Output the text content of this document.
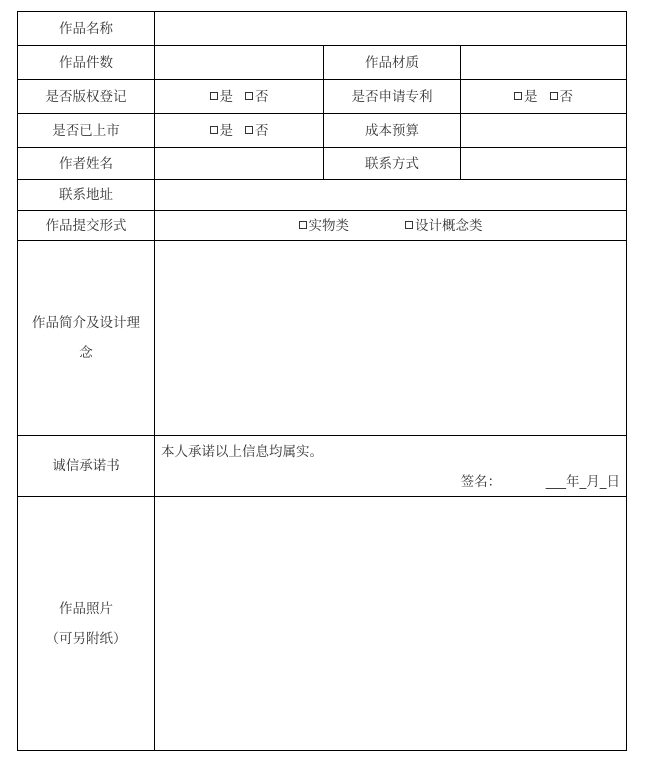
作品名称			
作品件数		作品材质	
是否版权登记	是 否	是否申请专利	是 否
是否已上市	是 否	成本预算	
作者姓名		联系方式	
联系地址			
作品提交形式	实物类 设计概念类		

作品简介及设计理
念			

诚信承诺书	本人承诺以上信息均属实。
签名： ___年_月_日		

作品照片
（可另附纸）			
